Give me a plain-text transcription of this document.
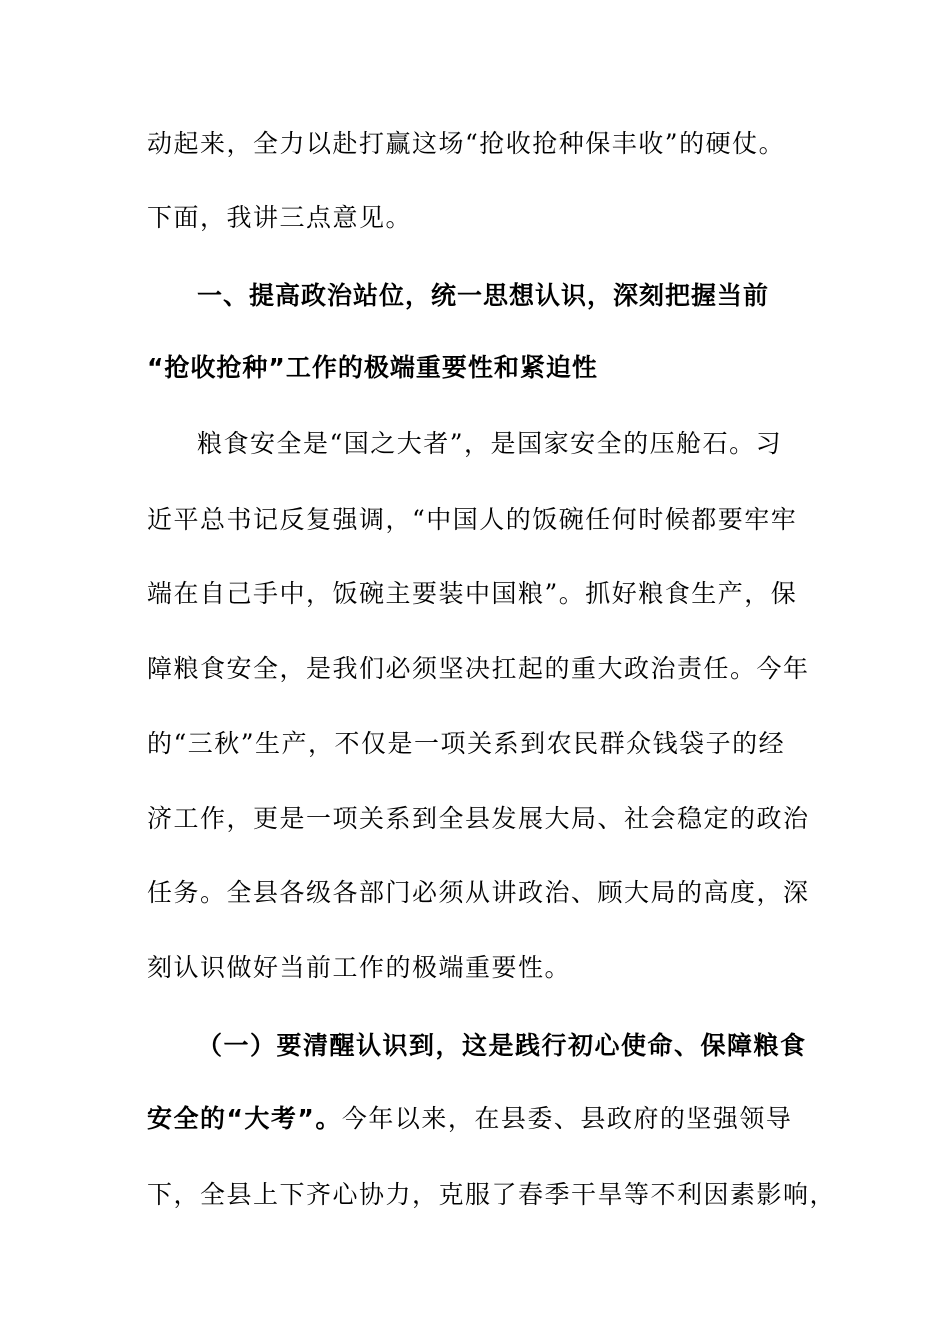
动起来，全力以赴打赢这场“抢收抢种保丰收”的硬仗。
下面，我讲三点意见。
一、提高政治站位，统一思想认识，深刻把握当前
“抢收抢种”工作的极端重要性和紧迫性
粮食安全是“国之大者”，是国家安全的压舱石。习
近平总书记反复强调，“中国人的饭碗任何时候都要牢牢
端在自己手中，饭碗主要装中国粮”。抓好粮食生产，保
障粮食安全，是我们必须坚决扛起的重大政治责任。今年
的“三秋”生产，不仅是一项关系到农民群众钱袋子的经
济工作，更是一项关系到全县发展大局、社会稳定的政治
任务。全县各级各部门必须从讲政治、顾大局的高度，深
刻认识做好当前工作的极端重要性。
（一）要清醒认识到，这是践行初心使命、保障粮食
安全的“大考”。今年以来，在县委、县政府的坚强领导
下，全县上下齐心协力，克服了春季干旱等不利因素影响，
